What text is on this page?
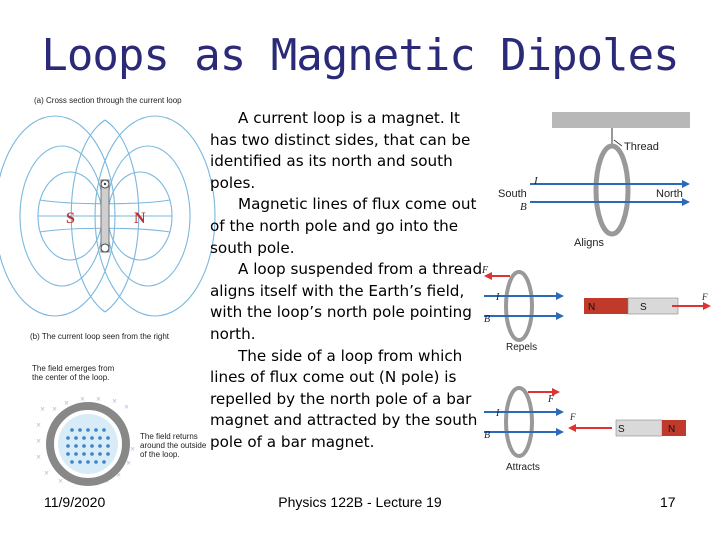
Loops as Magnetic Dipoles
(a) Cross section through the current loop
S	N
(b) The current loop seen from the right
× ×
×
×
×
×
×
× × × ×
×
×
×
×
×
×
×
The field emerges from the center of the loop.
The field returns around the outside of the loop.
Thread
South	North
I
B
Aligns
F
I
B
Repels
N	S
F
F
I
B
Attracts
S	N
F

A current loop is a magnet. It has two distinct sides, that can be identified as its north and south poles.

Magnetic lines of flux come out of the north pole and go into the south pole.

A loop suspended from a thread aligns itself with the Earth’s field, with the loop’s north pole pointing north.

The side of a loop from which lines of flux come out (N pole) is repelled by the north pole of a bar magnet and attracted by the south pole of a bar magnet.

11/9/2020	Physics 122B - Lecture 19	17
